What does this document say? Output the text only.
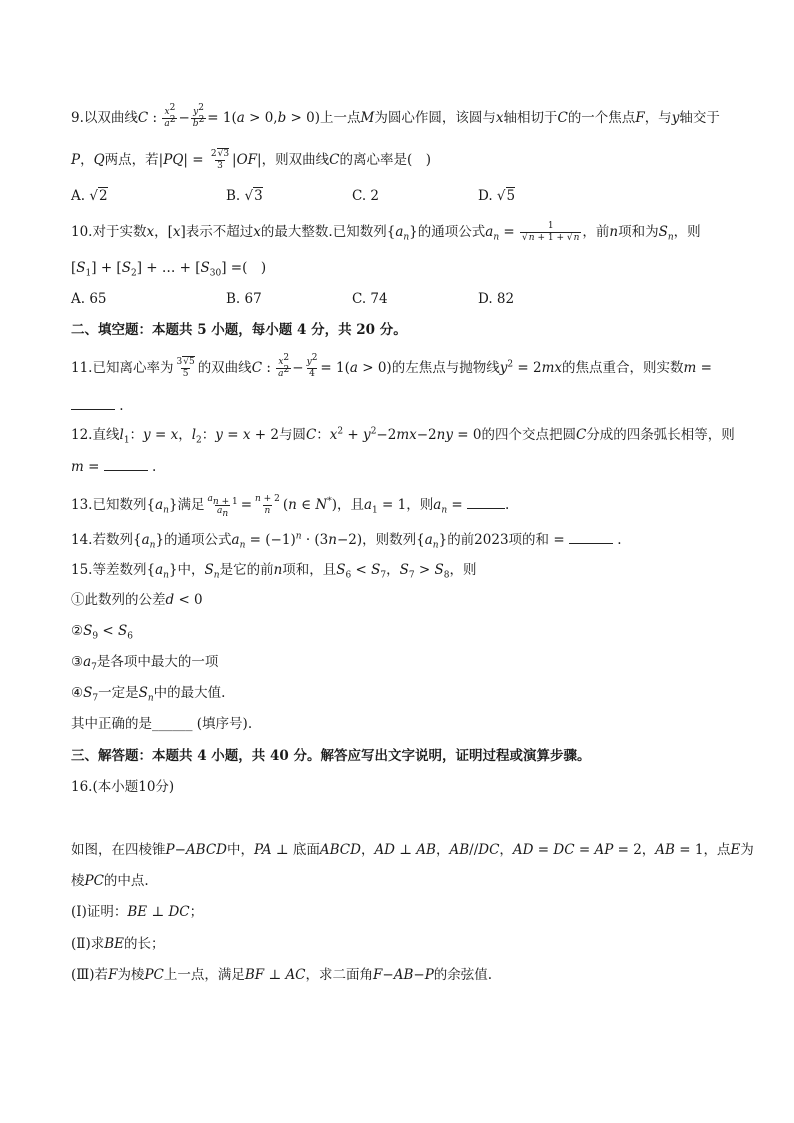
9.以双曲线C : $\frac{x^2}{a^2} - \frac{y^2}{b^2} = 1(a > 0,b > 0)$上一点M为圆心作圆，该圆与x轴相切于C的一个焦点F，与y轴交于
P，Q两点，若$|PQ| = \frac{2√3}{3} |OF|$，则双曲线C的离心率是(　)
A. √2	B. √3	C. 2	D. √5
10.对于实数x，[x]表示不超过x的最大整数.已知数列$\{a_n\}$的通项公式$a_n = \frac{1}{√n + 1 + √n}$ ，前n项和为$S_n$，则
$[S_1] + [S_2]$ + … + $[S_{30}]$ =(　)
A. 65	B. 67	C. 74	D. 82
二、填空题：本题共 5 小题，每小题 4 分，共 20 分。
11.已知离心率为 $\frac{3√5}{5}$ 的双曲线C : $\frac{x^2}{a^2} - \frac{y^2}{4} = 1(a > 0)$的左焦点与抛物线$y^2 = 2mx$的焦点重合，则实数m =
.
12.直线$l_1$：y = x，$l_2$：y = x + 2与圆C：$x^2 + y^2-2mx-2ny = 0$的四个交点把圆C分成的四条弧长相等，则
m =	.
13.已知数列$\{a_n\}$满足 $\frac{a_{n + 1}}{a_n} = \frac{n + 2}{n} (n$ ∈ N*)，且$a_1 = 1$，则$a_n$ =	.
14.若数列$\{a_n\}$的通项公式$a_n = (-1)^n \cdot (3n-2)$，则数列$\{a_n\}$的前2023项的和 =	.
15.等差数列$\{a_n\}$中，$S_n$是它的前n项和，且$S_6 < S_7$，$S_7 > S_8$，则
①此数列的公差d < 0
$②S_9 < S_6$
$③a_7$是各项中最大的一项
$④S_7$一定是$S_n$中的最大值.
其中正确的是______ (填序号).
三、解答题：本题共 4 小题，共 40 分。解答应写出文字说明，证明过程或演算步骤。
16.(本小题10分)
如图，在四棱锥P−ABCD中，PA ⊥ 底面ABCD，AD ⊥ AB，AB//DC，AD = DC = AP = 2，AB = 1，点E为
棱PC的中点.
(Ⅰ)证明：BE ⊥ DC；
(Ⅱ)求BE的长；
(Ⅲ)若F为棱PC上一点，满足BF ⊥ AC，求二面角F−AB−P的余弦值.
